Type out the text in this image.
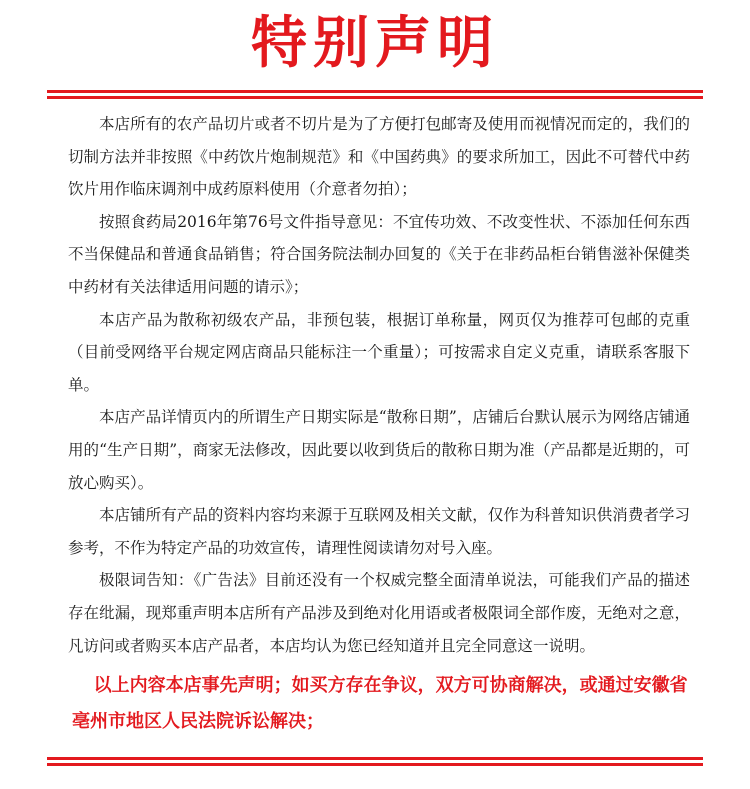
特别声明

本店所有的农产品切片或者不切片是为了方便打包邮寄及使用而视情况而定的，我们的切制方法并非按照《中药饮片炮制规范》和《中国药典》的要求所加工，因此不可替代中药饮片用作临床调剂中成药原料使用（介意者勿拍）；

按照食药局2016年第76号文件指导意见：不宜传功效、不改变性状、不添加任何东西不当保健品和普通食品销售；符合国务院法制办回复的《关于在非药品柜台销售滋补保健类中药材有关法律适用问题的请示》；

本店产品为散称初级农产品，非预包装，根据订单称量，网页仅为推荐可包邮的克重（目前受网络平台规定网店商品只能标注一个重量）；可按需求自定义克重，请联系客服下单。

本店产品详情页内的所谓生产日期实际是“散称日期”，店铺后台默认展示为网络店铺通用的“生产日期”，商家无法修改，因此要以收到货后的散称日期为准（产品都是近期的，可放心购买）。

本店铺所有产品的资料内容均来源于互联网及相关文献，仅作为科普知识供消费者学习参考，不作为特定产品的功效宣传，请理性阅读请勿对号入座。

极限词告知：《广告法》目前还没有一个权威完整全面清单说法，可能我们产品的描述存在纰漏，现郑重声明本店所有产品涉及到绝对化用语或者极限词全部作废，无绝对之意，凡访问或者购买本店产品者，本店均认为您已经知道并且完全同意这一说明。

以上内容本店事先声明；如买方存在争议，双方可协商解决，或通过安徽省亳州市地区人民法院诉讼解决；
